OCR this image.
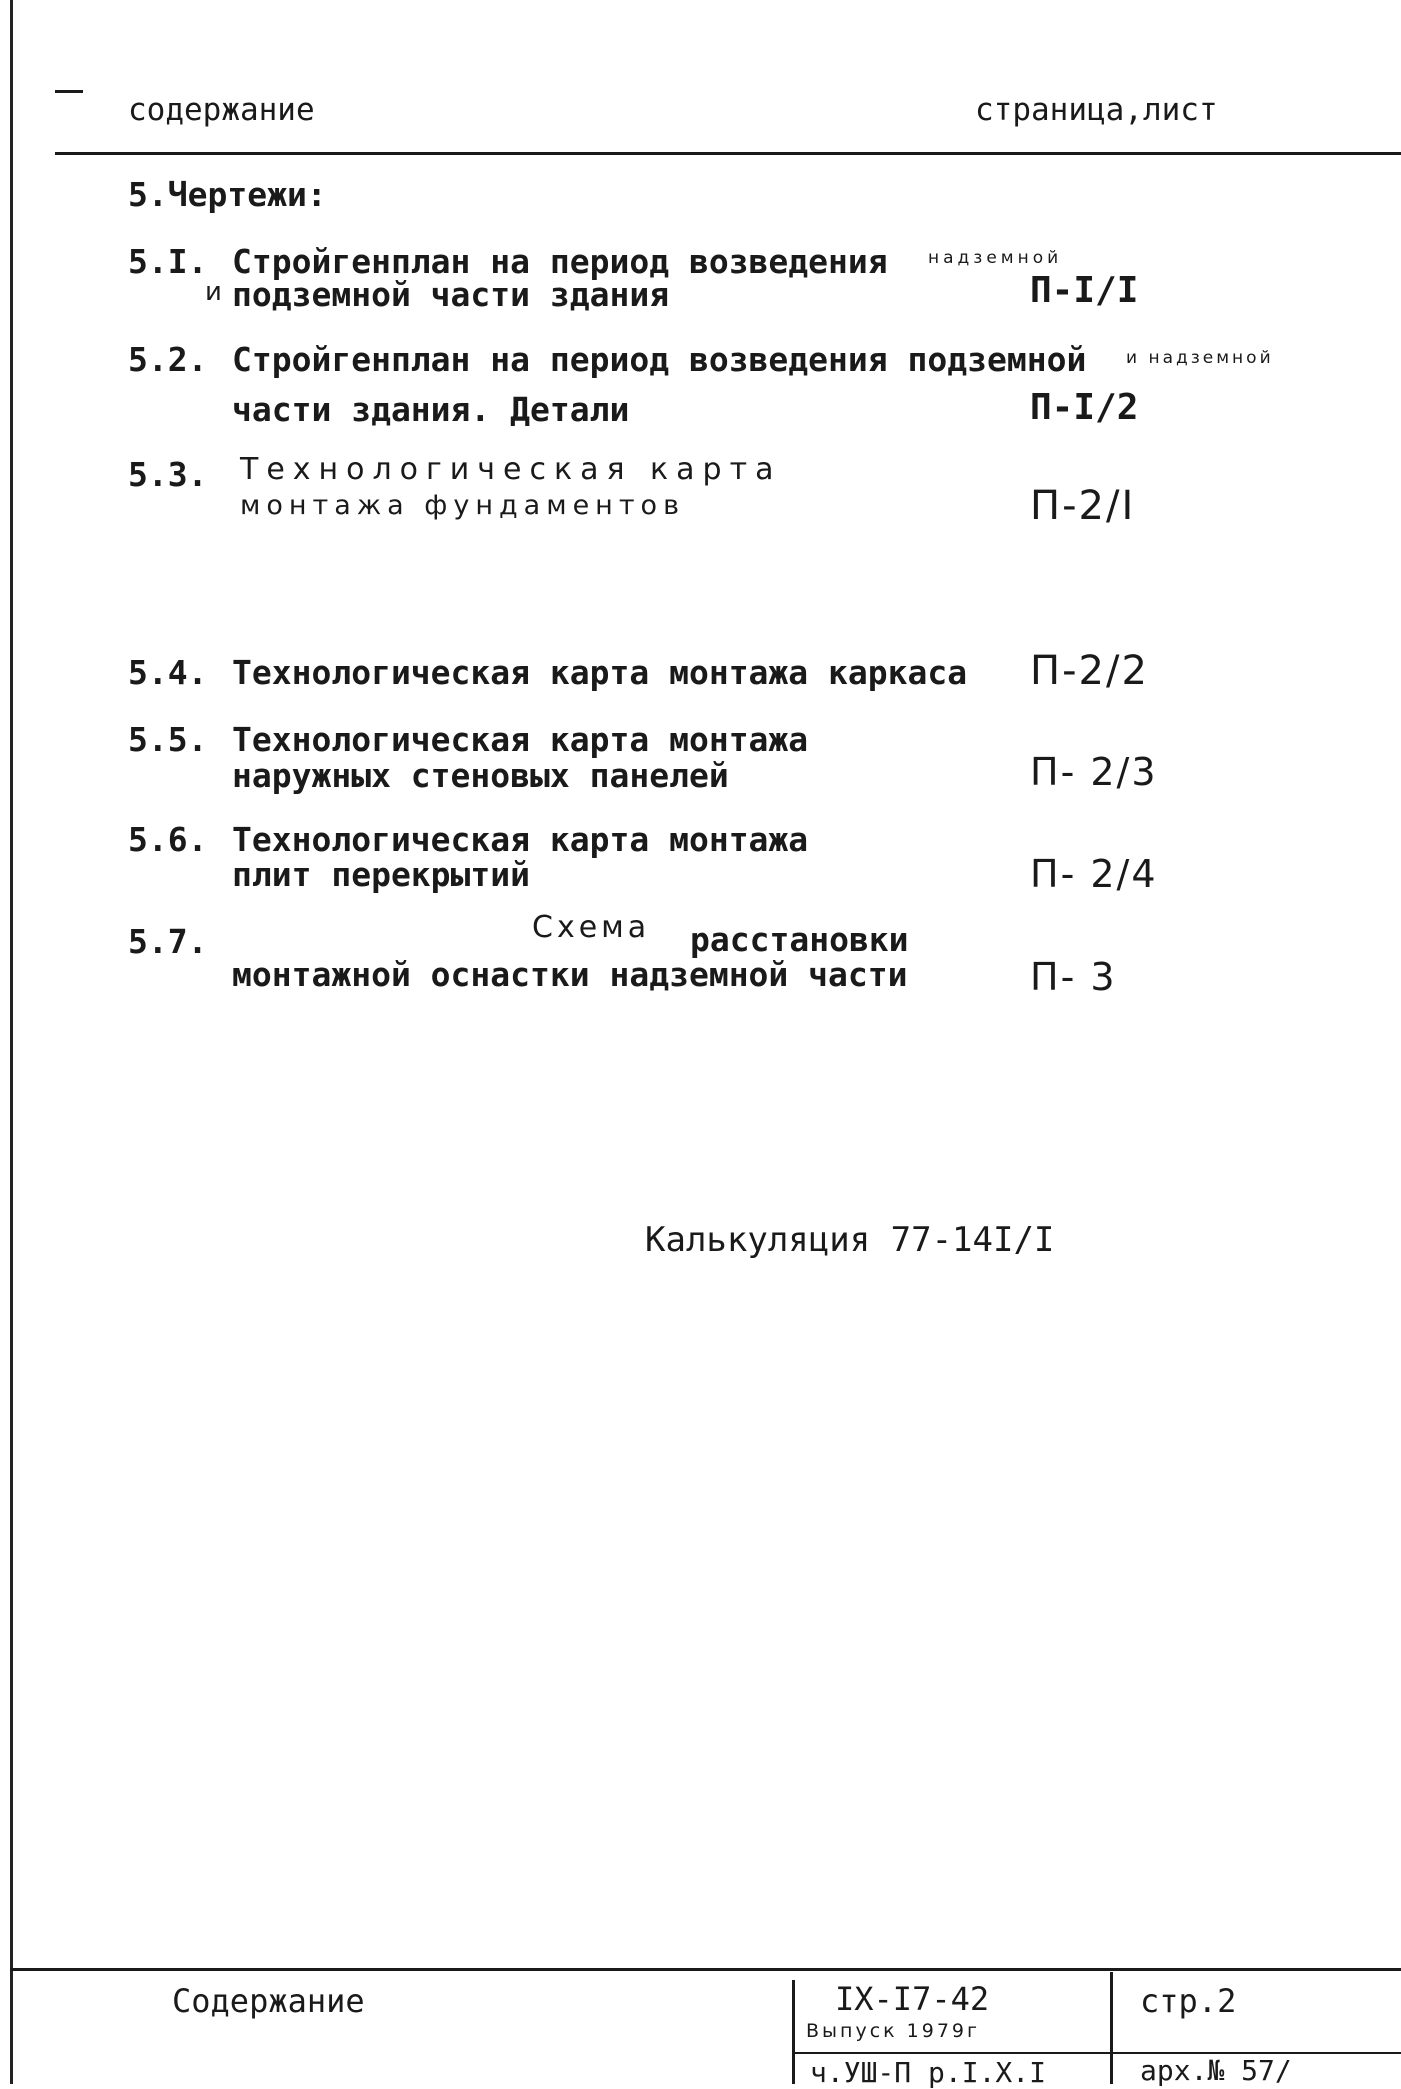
содержание	страница,лист
5.Чертежи:
5.I. Стройгенплан на период возведения надземной
и подземной части здания	П-I/I
5.2. Стройгенплан на период возведения подземной и надземной
части здания. Детали	П-I/2
5.3. Технологическая карта
монтажа фундаментов	П-2/I
5.4. Технологическая карта монтажа каркаса П-2/2
5.5. Технологическая карта монтажа
наружных стеновых панелей	П- 2/3
5.6. Технологическая карта монтажа
плит перекрытий	П- 2/4
5.7.	Схема расстановки
монтажной оснастки надземной части	П- 3
Калькуляция 77-14I/I
Содержание	IX-I7-42
Выпуск 1979г
ч.УШ-П р.I.X.I
стр.2
арх.№ 57/
